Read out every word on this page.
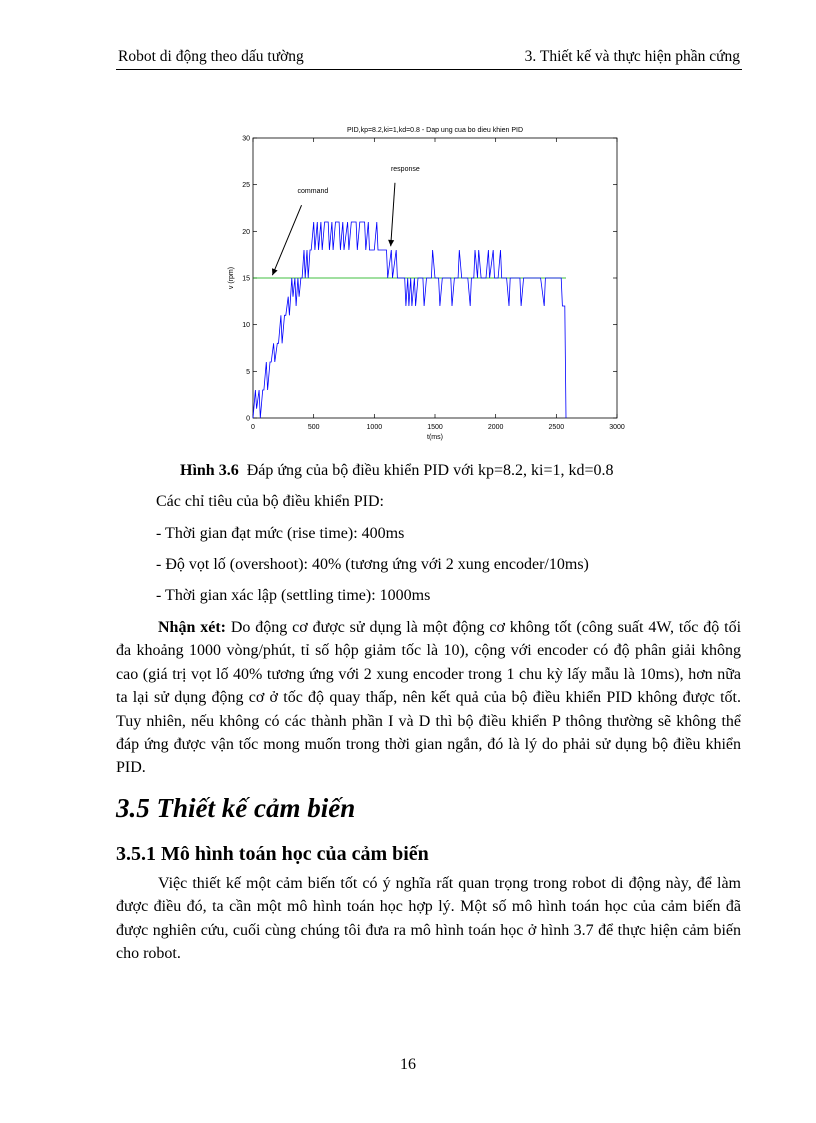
Robot di động theo dấu tường	3. Thiết kế và thực hiện phần cứng
0	500	1000	1500	2000	2500	3000
0
5
10
15
20
25
30
PID,kp=8.2,ki=1,kd=0.8 - Dap ung cua bo dieu khien PID
t(ms)
v (rpm)
command
response
Hình 3.6 Đáp ứng của bộ điều khiển PID với kp=8.2, ki=1, kd=0.8
Các chỉ tiêu của bộ điều khiển PID:
- Thời gian đạt mức (rise time): 400ms
- Độ vọt lố (overshoot): 40% (tương ứng với 2 xung encoder/10ms)
- Thời gian xác lập (settling time): 1000ms
Nhận xét: Do động cơ được sử dụng là một động cơ không tốt (công suất 4W, tốc độ tối đa khoảng 1000 vòng/phút, tỉ số hộp giảm tốc là 10), cộng với encoder có độ phân giải không cao (giá trị vọt lố 40% tương ứng với 2 xung encoder trong 1 chu kỳ lấy mẫu là 10ms), hơn nữa ta lại sử dụng động cơ ở tốc độ quay thấp, nên kết quả của bộ điều khiển PID không được tốt. Tuy nhiên, nếu không có các thành phần I và D thì bộ điều khiển P thông thường sẽ không thể đáp ứng được vận tốc mong muốn trong thời gian ngắn, đó là lý do phải sử dụng bộ điều khiển PID.
3.5 Thiết kế cảm biến
3.5.1 Mô hình toán học của cảm biến
Việc thiết kế một cảm biến tốt có ý nghĩa rất quan trọng trong robot di động này, để làm được điều đó, ta cần một mô hình toán học hợp lý. Một số mô hình toán học của cảm biến đã được nghiên cứu, cuối cùng chúng tôi đưa ra mô hình toán học ở hình 3.7 để thực hiện cảm biến cho robot.
16
